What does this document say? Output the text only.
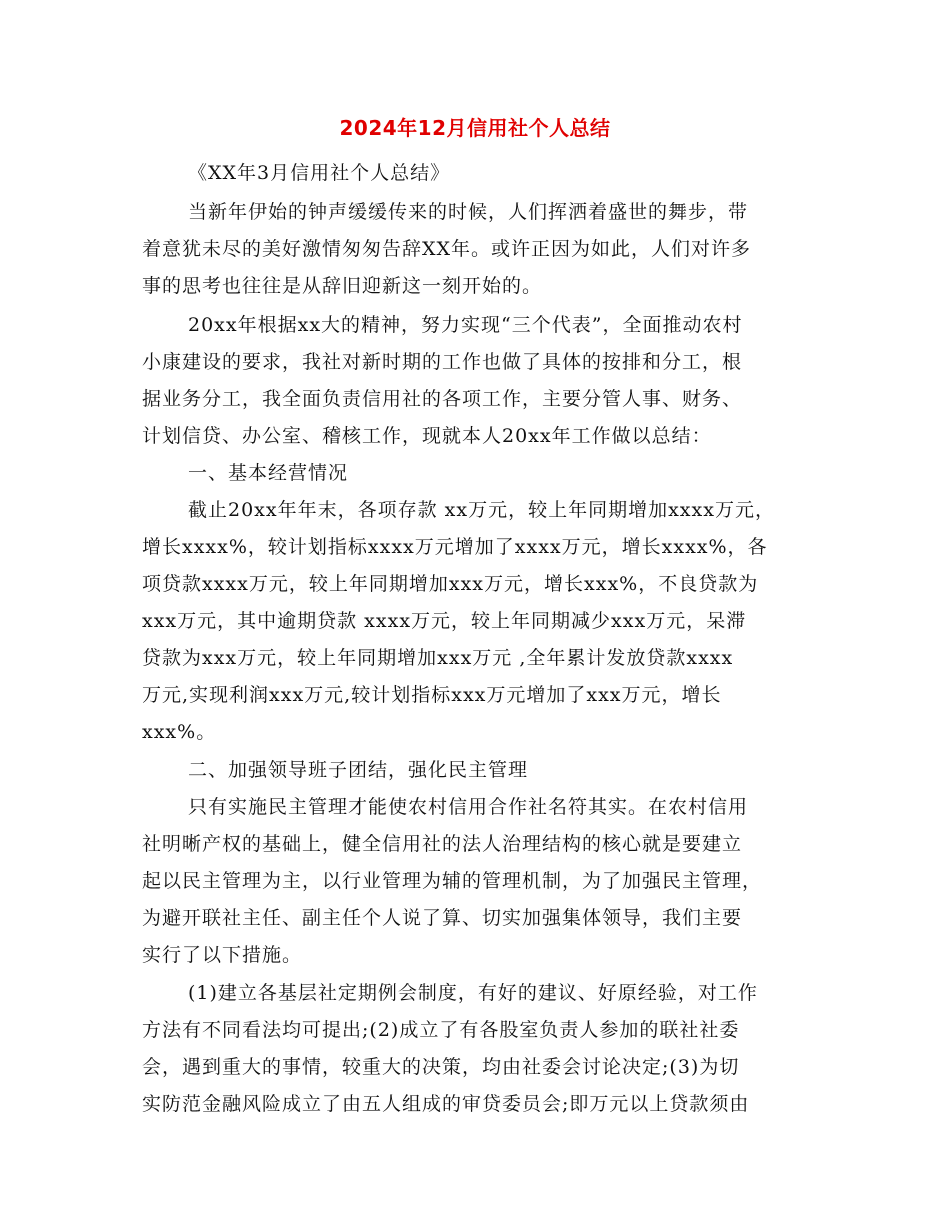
2024年12月信用社个人总结
《XX年3月信用社个人总结》
当新年伊始的钟声缓缓传来的时候，人们挥洒着盛世的舞步，带
着意犹未尽的美好激情匆匆告辞XX年。或许正因为如此，人们对许多
事的思考也往往是从辞旧迎新这一刻开始的。
20xx年根据xx大的精神，努力实现“三个代表”，全面推动农村
小康建设的要求，我社对新时期的工作也做了具体的按排和分工，根
据业务分工，我全面负责信用社的各项工作，主要分管人事、财务、
计划信贷、办公室、稽核工作，现就本人20xx年工作做以总结：
一、基本经营情况
截止20xx年年末，各项存款 xx万元，较上年同期增加xxxx万元，
增长xxxx%，较计划指标xxxx万元增加了xxxx万元，增长xxxx%，各
项贷款xxxx万元，较上年同期增加xxx万元，增长xxx%，不良贷款为
xxx万元，其中逾期贷款 xxxx万元，较上年同期减少xxx万元，呆滞
贷款为xxx万元，较上年同期增加xxx万元 ,全年累计发放贷款xxxx
万元,实现利润xxx万元,较计划指标xxx万元增加了xxx万元，增长
xxx%。
二、加强领导班子团结，强化民主管理
只有实施民主管理才能使农村信用合作社名符其实。在农村信用
社明晰产权的基础上，健全信用社的法人治理结构的核心就是要建立
起以民主管理为主，以行业管理为辅的管理机制，为了加强民主管理，
为避开联社主任、副主任个人说了算、切实加强集体领导，我们主要
实行了以下措施。
(1)建立各基层社定期例会制度，有好的建议、好原经验，对工作
方法有不同看法均可提出;(2)成立了有各股室负责人参加的联社社委
会，遇到重大的事情，较重大的决策，均由社委会讨论决定;(3)为切
实防范金融风险成立了由五人组成的审贷委员会;即万元以上贷款须由
